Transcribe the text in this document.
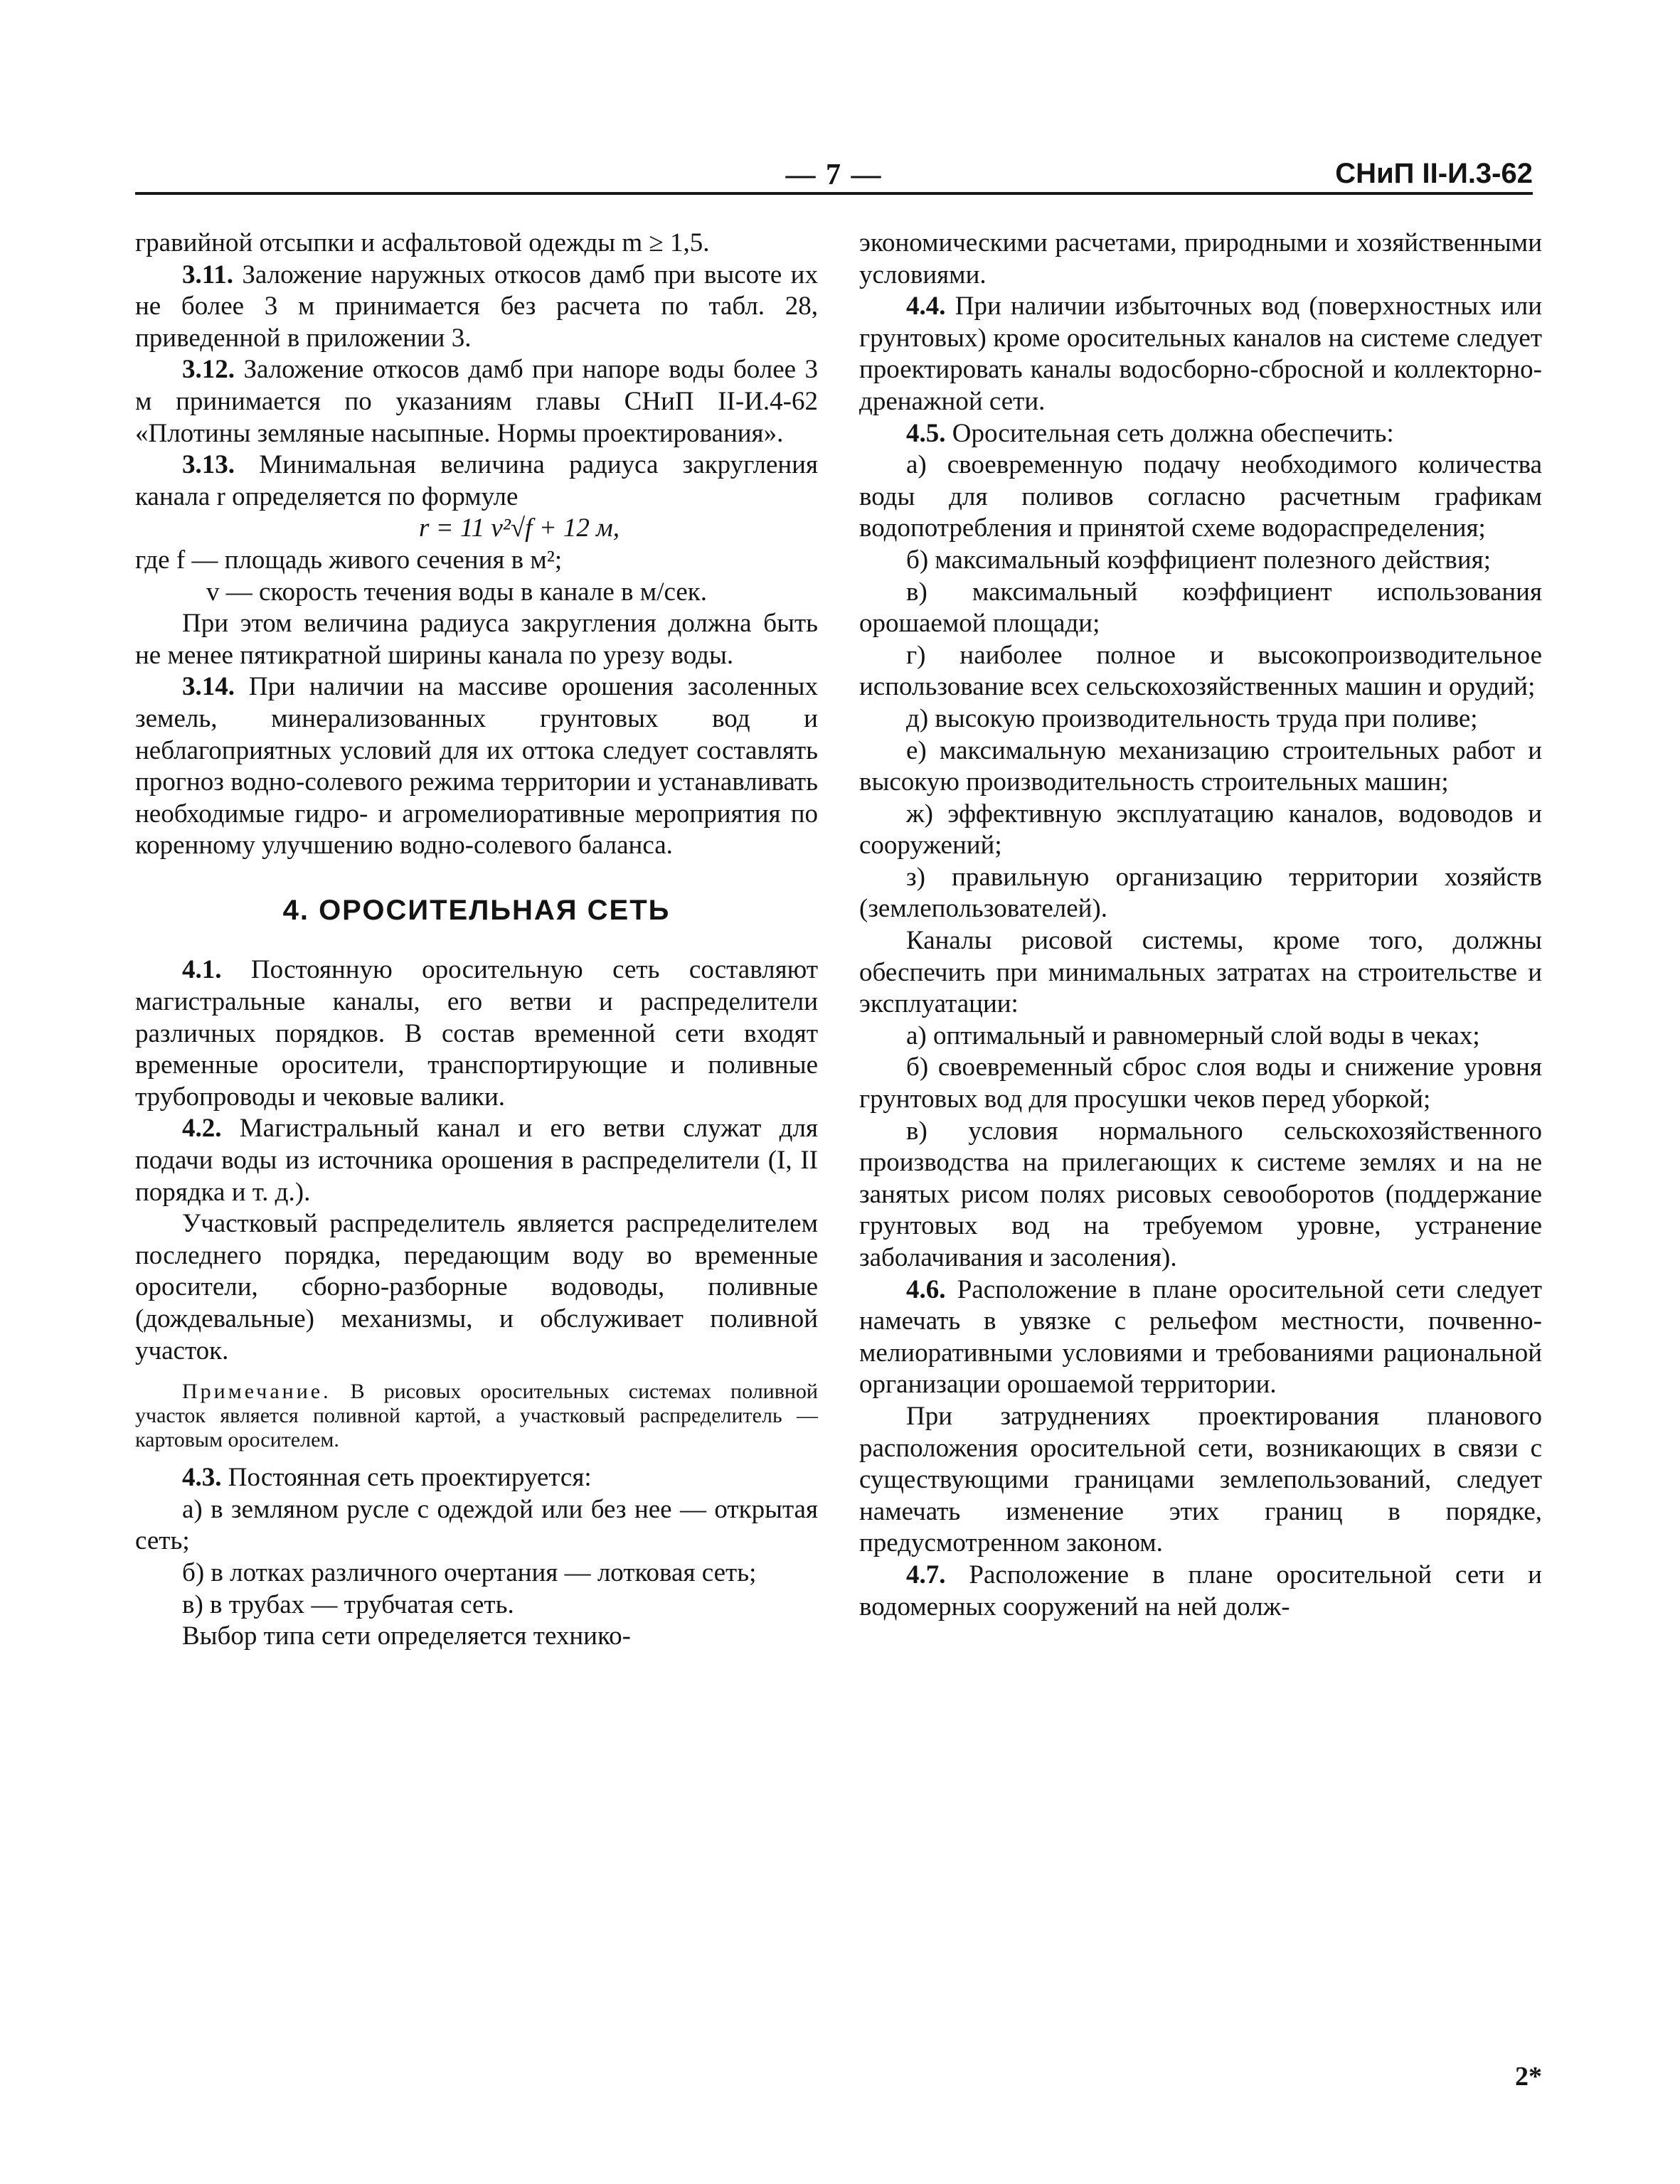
— 7 —	СНиП II-И.3-62

гравийной отсыпки и асфальтовой одежды m ≥ 1,5.

3.11. Заложение наружных откосов дамб при высоте их не более 3 м принимается без расчета по табл. 28, приведенной в приложении 3.

3.12. Заложение откосов дамб при напоре воды более 3 м принимается по указаниям главы СНиП II-И.4-62 «Плотины земляные насыпные. Нормы проектирования».

3.13. Минимальная величина радиуса закругления канала r определяется по формуле

r = 11 v²√f + 12 м,

где f — площадь живого сечения в м²;

v — скорость течения воды в канале в м/сек.

При этом величина радиуса закругления должна быть не менее пятикратной ширины канала по урезу воды.

3.14. При наличии на массиве орошения засоленных земель, минерализованных грунтовых вод и неблагоприятных условий для их оттока следует составлять прогноз водно-солевого режима территории и устанавливать необходимые гидро- и агромелиоративные мероприятия по коренному улучшению водно-солевого баланса.

4. ОРОСИТЕЛЬНАЯ СЕТЬ

4.1. Постоянную оросительную сеть составляют магистральные каналы, его ветви и распределители различных порядков. В состав временной сети входят временные оросители, транспортирующие и поливные трубопроводы и чековые валики.

4.2. Магистральный канал и его ветви служат для подачи воды из источника орошения в распределители (I, II порядка и т. д.).

Участковый распределитель является распределителем последнего порядка, передающим воду во временные оросители, сборно-разборные водоводы, поливные (дождевальные) механизмы, и обслуживает поливной участок.

Примечание. В рисовых оросительных системах поливной участок является поливной картой, а участковый распределитель — картовым оросителем.

4.3. Постоянная сеть проектируется:

а) в земляном русле с одеждой или без нее — открытая сеть;

б) в лотках различного очертания — лотковая сеть;

в) в трубах — трубчатая сеть.

Выбор типа сети определяется технико-

экономическими расчетами, природными и хозяйственными условиями.

4.4. При наличии избыточных вод (поверхностных или грунтовых) кроме оросительных каналов на системе следует проектировать каналы водосборно-сбросной и коллекторно-дренажной сети.

4.5. Оросительная сеть должна обеспечить:

а) своевременную подачу необходимого количества воды для поливов согласно расчетным графикам водопотребления и принятой схеме водораспределения;

б) максимальный коэффициент полезного действия;

в) максимальный коэффициент использования орошаемой площади;

г) наиболее полное и высокопроизводительное использование всех сельскохозяйственных машин и орудий;

д) высокую производительность труда при поливе;

е) максимальную механизацию строительных работ и высокую производительность строительных машин;

ж) эффективную эксплуатацию каналов, водоводов и сооружений;

з) правильную организацию территории хозяйств (землепользователей).

Каналы рисовой системы, кроме того, должны обеспечить при минимальных затратах на строительстве и эксплуатации:

а) оптимальный и равномерный слой воды в чеках;

б) своевременный сброс слоя воды и снижение уровня грунтовых вод для просушки чеков перед уборкой;

в) условия нормального сельскохозяйственного производства на прилегающих к системе землях и на не занятых рисом полях рисовых севооборотов (поддержание грунтовых вод на требуемом уровне, устранение заболачивания и засоления).

4.6. Расположение в плане оросительной сети следует намечать в увязке с рельефом местности, почвенно-мелиоративными условиями и требованиями рациональной организации орошаемой территории.

При затруднениях проектирования планового расположения оросительной сети, возникающих в связи с существующими границами землепользований, следует намечать изменение этих границ в порядке, предусмотренном законом.

4.7. Расположение в плане оросительной сети и водомерных сооружений на ней долж-

2*
